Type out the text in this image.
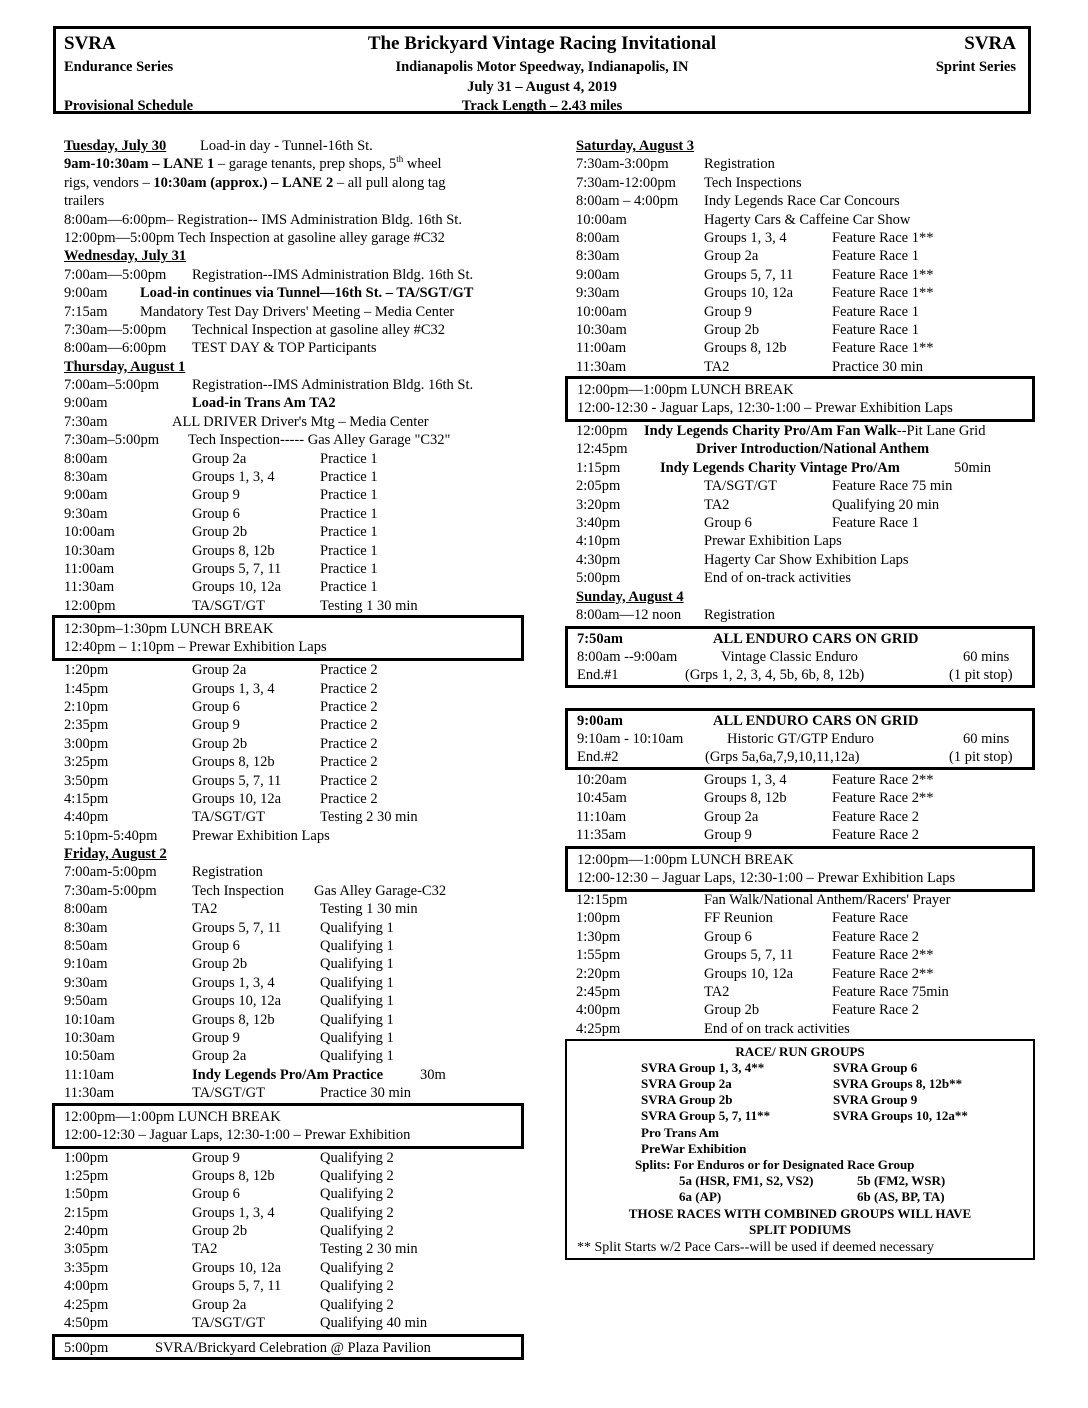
SVRA
Endurance Series
Provisional Schedule
The Brickyard Vintage Racing Invitational
Indianapolis Motor Speedway, Indianapolis, IN
July 31 – August 4, 2019
Track Length – 2.43 miles
SVRA
Sprint Series
Tuesday, July 30 Load-in day - Tunnel-16th St.
9am-10:30am – LANE 1 – garage tenants, prep shops, 5th wheel
rigs, vendors – 10:30am (approx.) – LANE 2 – all pull along tag
trailers
8:00am—6:00pm– Registration-- IMS Administration Bldg. 16th St.
12:00pm—5:00pm Tech Inspection at gasoline alley garage #C32
Wednesday, July 31
7:00am—5:00pm Registration--IMS Administration Bldg. 16th St.
9:00am Load-in continues via Tunnel—16th St. – TA/SGT/GT
7:15am Mandatory Test Day Drivers' Meeting – Media Center
7:30am—5:00pm Technical Inspection at gasoline alley #C32
8:00am—6:00pm TEST DAY & TOP Participants
Thursday, August 1
7:00am–5:00pm Registration--IMS Administration Bldg. 16th St.
9:00am	Load-in Trans Am TA2
7:30am	ALL DRIVER Driver's Mtg – Media Center
7:30am–5:00pm Tech Inspection----- Gas Alley Garage "C32"
8:00am	Group 2a	Practice 1
8:30am	Groups 1, 3, 4	Practice 1
9:00am	Group 9	Practice 1
9:30am	Group 6	Practice 1
10:00am	Group 2b	Practice 1
10:30am	Groups 8, 12b	Practice 1
11:00am	Groups 5, 7, 11	Practice 1
11:30am	Groups 10, 12a	Practice 1
12:00pm	TA/SGT/GT	Testing 1 30 min
1:20pm	Group 2a	Practice 2
1:45pm	Groups 1, 3, 4	Practice 2
2:10pm	Group 6	Practice 2
2:35pm	Group 9	Practice 2
3:00pm	Group 2b	Practice 2
3:25pm	Groups 8, 12b	Practice 2
3:50pm	Groups 5, 7, 11	Practice 2
4:15pm	Groups 10, 12a	Practice 2
4:40pm	TA/SGT/GT	Testing 2 30 min
5:10pm-5:40pm Prewar Exhibition Laps
Friday, August 2
7:00am-5:00pm Registration
7:30am-5:00pm Tech Inspection Gas Alley Garage-C32
8:00am	TA2	Testing 1 30 min
8:30am	Groups 5, 7, 11	Qualifying 1
8:50am	Group 6	Qualifying 1
9:10am	Group 2b	Qualifying 1
9:30am	Groups 1, 3, 4	Qualifying 1
9:50am	Groups 10, 12a	Qualifying 1
10:10am	Groups 8, 12b	Qualifying 1
10:30am	Group 9	Qualifying 1
10:50am	Group 2a	Qualifying 1
11:10am	Indy Legends Pro/Am Practice	30m
11:30am	TA/SGT/GT	Practice 30 min
1:00pm	Group 9	Qualifying 2
1:25pm	Groups 8, 12b	Qualifying 2
1:50pm	Group 6	Qualifying 2
2:15pm	Groups 1, 3, 4	Qualifying 2
2:40pm	Group 2b	Qualifying 2
3:05pm	TA2	Testing 2 30 min
3:35pm	Groups 10, 12a	Qualifying 2
4:00pm	Groups 5, 7, 11	Qualifying 2
4:25pm	Group 2a	Qualifying 2
4:50pm	TA/SGT/GT	Qualifying 40 min
12:30pm–1:30pm LUNCH BREAK
12:40pm – 1:10pm – Prewar Exhibition Laps
12:00pm—1:00pm LUNCH BREAK
12:00-12:30 – Jaguar Laps, 12:30-1:00 – Prewar Exhibition
5:00pm	SVRA/Brickyard Celebration @ Plaza Pavilion
Saturday, August 3
7:30am-3:00pm Registration
7:30am-12:00pm Tech Inspections
8:00am – 4:00pm Indy Legends Race Car Concours
10:00am	Hagerty Cars & Caffeine Car Show
8:00am	Groups 1, 3, 4	Feature Race 1**
8:30am	Group 2a	Feature Race 1
9:00am	Groups 5, 7, 11	Feature Race 1**
9:30am	Groups 10, 12a	Feature Race 1**
10:00am	Group 9	Feature Race 1
10:30am	Group 2b	Feature Race 1
11:00am	Groups 8, 12b	Feature Race 1**
11:30am	TA2	Practice 30 min
12:00pm—1:00pm LUNCH BREAK
12:00-12:30 - Jaguar Laps, 12:30-1:00 – Prewar Exhibition Laps
12:00pm Indy Legends Charity Pro/Am Fan Walk--Pit Lane Grid
12:45pm	Driver Introduction/National Anthem
1:15pm	Indy Legends Charity Vintage Pro/Am	50min
2:05pm	TA/SGT/GT	Feature Race 75 min
3:20pm	TA2	Qualifying 20 min
3:40pm	Group 6	Feature Race 1
4:10pm	Prewar Exhibition Laps
4:30pm	Hagerty Car Show Exhibition Laps
5:00pm	End of on-track activities
Sunday, August 4
8:00am—12 noon Registration
7:50am	ALL ENDURO CARS ON GRID
8:00am --9:00am	Vintage Classic Enduro	60 mins
End.#1	(Grps 1, 2, 3, 4, 5b, 6b, 8, 12b)	(1 pit stop)
9:00am	ALL ENDURO CARS ON GRID
9:10am - 10:10am	Historic GT/GTP Enduro	60 mins
End.#2	(Grps 5a,6a,7,9,10,11,12a)	(1 pit stop)
10:20am	Groups 1, 3, 4	Feature Race 2**
10:45am	Groups 8, 12b	Feature Race 2**
11:10am	Group 2a	Feature Race 2
11:35am	Group 9	Feature Race 2
12:00pm—1:00pm LUNCH BREAK
12:00-12:30 – Jaguar Laps, 12:30-1:00 – Prewar Exhibition Laps
12:15pm	Fan Walk/National Anthem/Racers' Prayer
1:00pm	FF Reunion	Feature Race
1:30pm	Group 6	Feature Race 2
1:55pm	Groups 5, 7, 11	Feature Race 2**
2:20pm	Groups 10, 12a	Feature Race 2**
2:45pm	TA2	Feature Race 75min
4:00pm	Group 2b	Feature Race 2
4:25pm	End of on track activities
RACE/ RUN GROUPS
SVRA Group 1, 3, 4**	SVRA Group 6
SVRA Group 2a	SVRA Groups 8, 12b**
SVRA Group 2b	SVRA Group 9
SVRA Group 5, 7, 11**	SVRA Groups 10, 12a**
Pro Trans Am
PreWar Exhibition
Splits: For Enduros or for Designated Race Group
5a (HSR, FM1, S2, VS2)	5b (FM2, WSR)
6a (AP)	6b (AS, BP, TA)
THOSE RACES WITH COMBINED GROUPS WILL HAVE
SPLIT PODIUMS
** Split Starts w/2 Pace Cars--will be used if deemed necessary
